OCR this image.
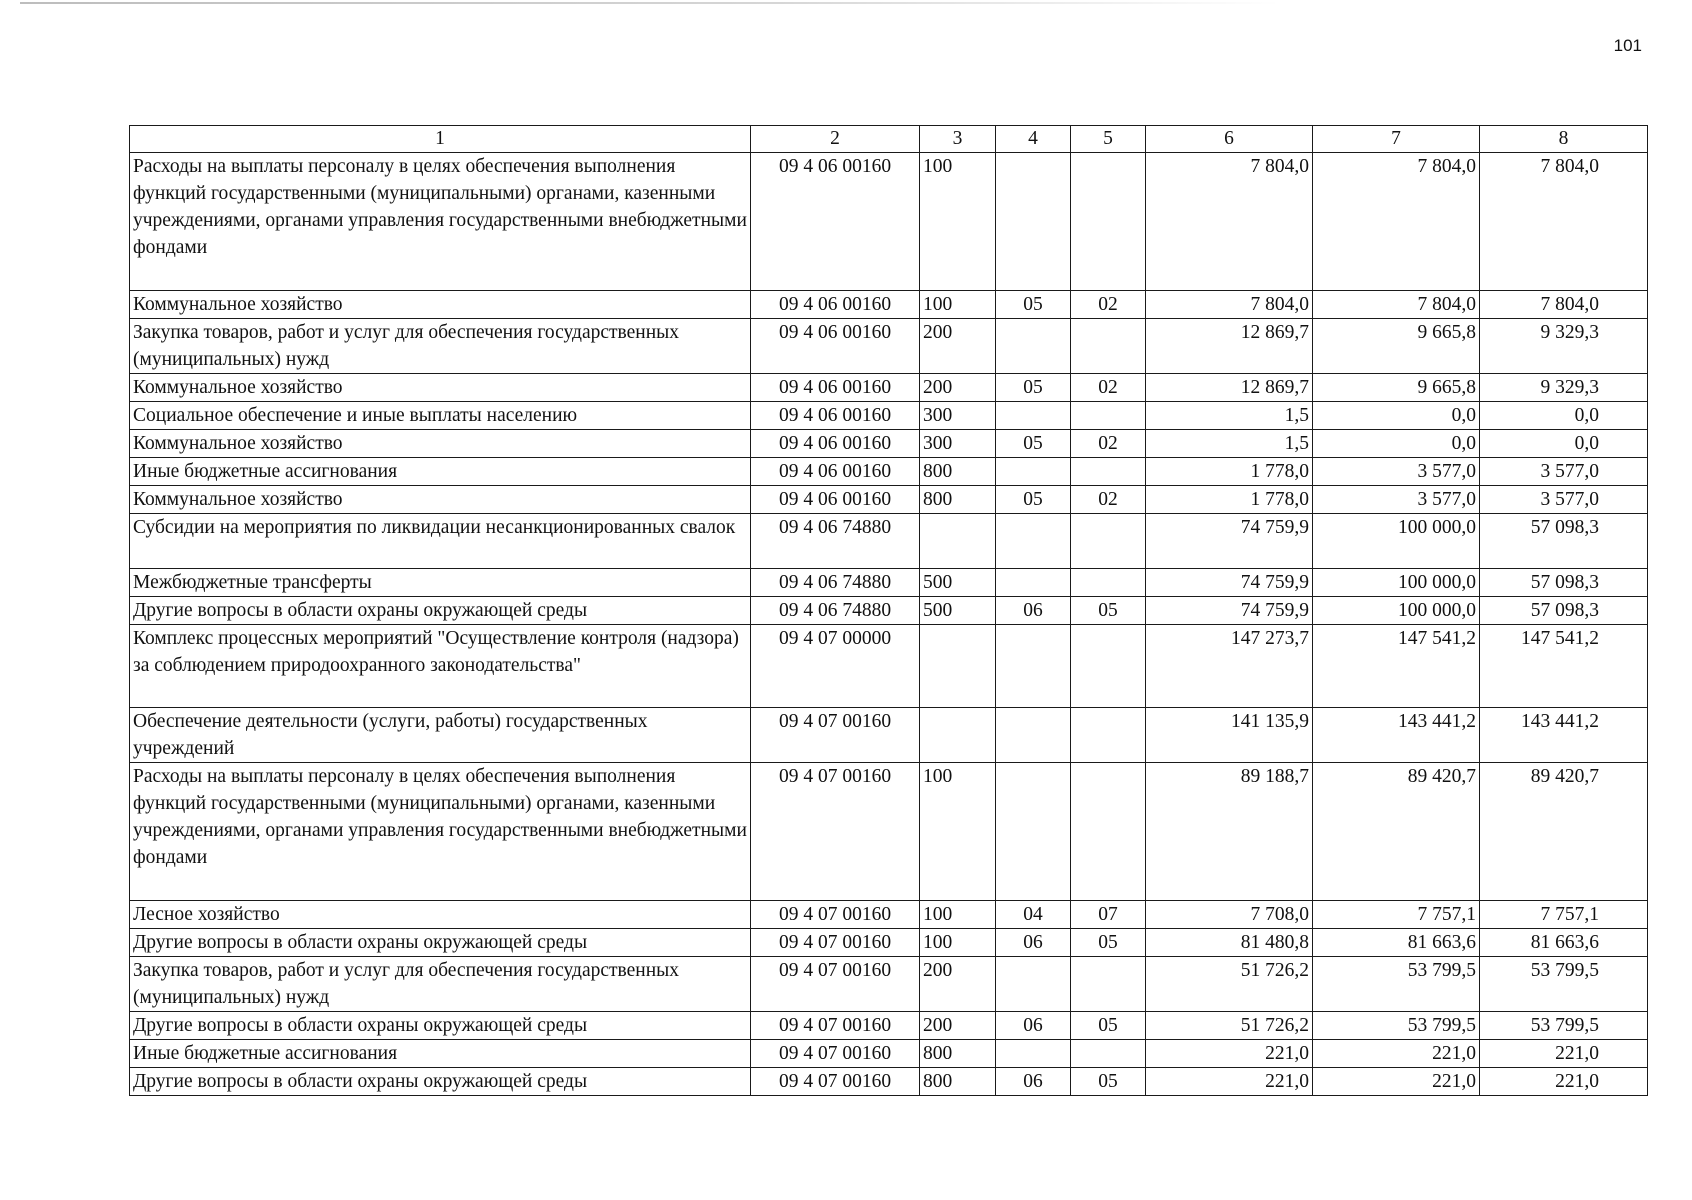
101
1	2	3	4	5	6	7	8
Расходы на выплаты персоналу в целях обеспечения выполнения функций государственными (муниципальными) органами, казенными учреждениями, органами управления государственными внебюджетными фондами	09 4 06 00160	100			7 804,0	7 804,0	7 804,0
Коммунальное хозяйство	09 4 06 00160	100	05	02	7 804,0	7 804,0	7 804,0
Закупка товаров, работ и услуг для обеспечения государственных (муниципальных) нужд	09 4 06 00160	200			12 869,7	9 665,8	9 329,3
Коммунальное хозяйство	09 4 06 00160	200	05	02	12 869,7	9 665,8	9 329,3
Социальное обеспечение и иные выплаты населению	09 4 06 00160	300			1,5	0,0	0,0
Коммунальное хозяйство	09 4 06 00160	300	05	02	1,5	0,0	0,0
Иные бюджетные ассигнования	09 4 06 00160	800			1 778,0	3 577,0	3 577,0
Коммунальное хозяйство	09 4 06 00160	800	05	02	1 778,0	3 577,0	3 577,0
Субсидии на мероприятия по ликвидации несанкционированных свалок	09 4 06 74880				74 759,9	100 000,0	57 098,3
Межбюджетные трансферты	09 4 06 74880	500			74 759,9	100 000,0	57 098,3
Другие вопросы в области охраны окружающей среды	09 4 06 74880	500	06	05	74 759,9	100 000,0	57 098,3
Комплекс процессных мероприятий "Осуществление контроля (надзора) за соблюдением природоохранного законодательства"	09 4 07 00000				147 273,7	147 541,2	147 541,2
Обеспечение деятельности (услуги, работы) государственных учреждений	09 4 07 00160				141 135,9	143 441,2	143 441,2
Расходы на выплаты персоналу в целях обеспечения выполнения функций государственными (муниципальными) органами, казенными учреждениями, органами управления государственными внебюджетными фондами	09 4 07 00160	100			89 188,7	89 420,7	89 420,7
Лесное хозяйство	09 4 07 00160	100	04	07	7 708,0	7 757,1	7 757,1
Другие вопросы в области охраны окружающей среды	09 4 07 00160	100	06	05	81 480,8	81 663,6	81 663,6
Закупка товаров, работ и услуг для обеспечения государственных (муниципальных) нужд	09 4 07 00160	200			51 726,2	53 799,5	53 799,5
Другие вопросы в области охраны окружающей среды	09 4 07 00160	200	06	05	51 726,2	53 799,5	53 799,5
Иные бюджетные ассигнования	09 4 07 00160	800			221,0	221,0	221,0
Другие вопросы в области охраны окружающей среды	09 4 07 00160	800	06	05	221,0	221,0	221,0
